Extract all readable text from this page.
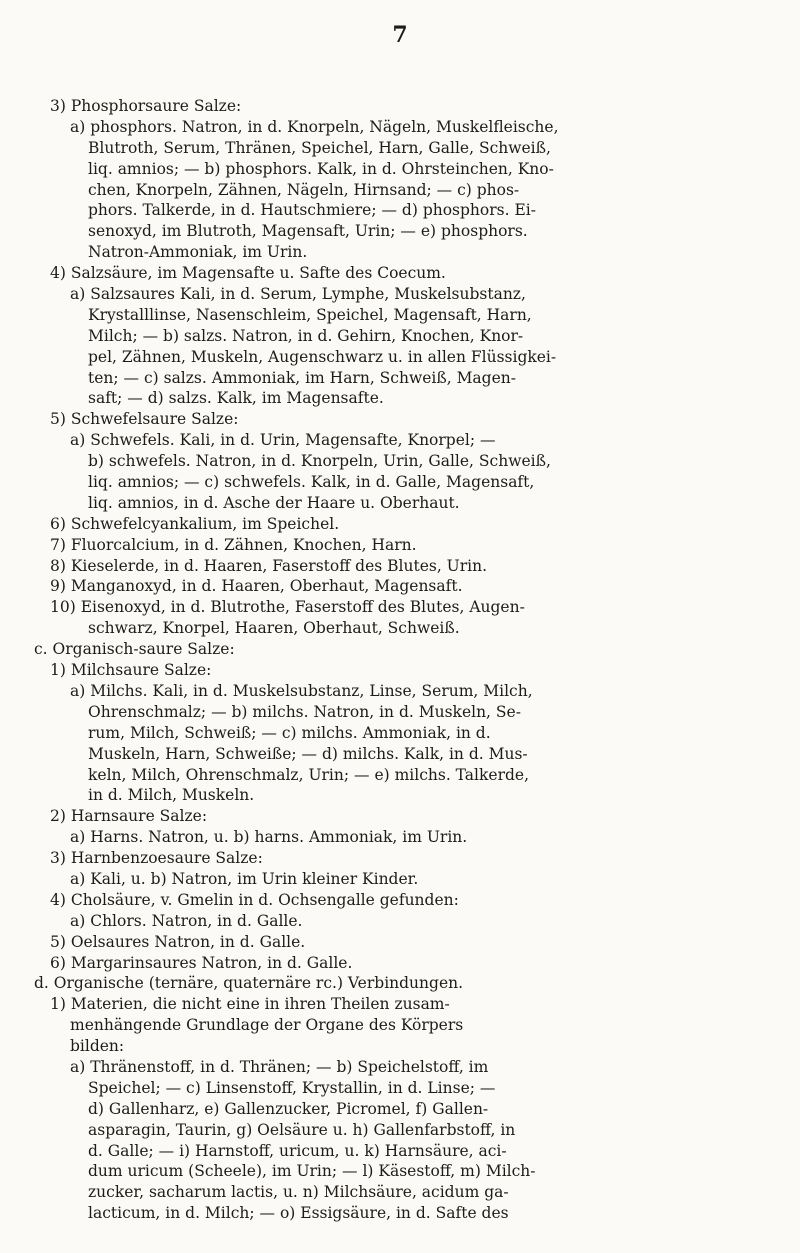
7
3) Phosphorsaure Salze:
a) phosphors. Natron, in d. Knorpeln, Nägeln, Muskelfleische,
Blutroth, Serum, Thränen, Speichel, Harn, Galle, Schweiß,
liq. amnios; — b) phosphors. Kalk, in d. Ohrsteinchen, Kno-
chen, Knorpeln, Zähnen, Nägeln, Hirnsand; — c) phos-
phors. Talkerde, in d. Hautschmiere; — d) phosphors. Ei-
senoxyd, im Blutroth, Magensaft, Urin; — e) phosphors.
Natron-Ammoniak, im Urin.
4) Salzsäure, im Magensafte u. Safte des Coecum.
a) Salzsaures Kali, in d. Serum, Lymphe, Muskelsubstanz,
Krystalllinse, Nasenschleim, Speichel, Magensaft, Harn,
Milch; — b) salzs. Natron, in d. Gehirn, Knochen, Knor-
pel, Zähnen, Muskeln, Augenschwarz u. in allen Flüssigkei-
ten; — c) salzs. Ammoniak, im Harn, Schweiß, Magen-
saft; — d) salzs. Kalk, im Magensafte.
5) Schwefelsaure Salze:
a) Schwefels. Kali, in d. Urin, Magensafte, Knorpel; —
b) schwefels. Natron, in d. Knorpeln, Urin, Galle, Schweiß,
liq. amnios; — c) schwefels. Kalk, in d. Galle, Magensaft,
liq. amnios, in d. Asche der Haare u. Oberhaut.
6) Schwefelcyankalium, im Speichel.
7) Fluorcalcium, in d. Zähnen, Knochen, Harn.
8) Kieselerde, in d. Haaren, Faserstoff des Blutes, Urin.
9) Manganoxyd, in d. Haaren, Oberhaut, Magensaft.
10) Eisenoxyd, in d. Blutrothe, Faserstoff des Blutes, Augen-
schwarz, Knorpel, Haaren, Oberhaut, Schweiß.
c. Organisch-saure Salze:
1) Milchsaure Salze:
a) Milchs. Kali, in d. Muskelsubstanz, Linse, Serum, Milch,
Ohrenschmalz; — b) milchs. Natron, in d. Muskeln, Se-
rum, Milch, Schweiß; — c) milchs. Ammoniak, in d.
Muskeln, Harn, Schweiße; — d) milchs. Kalk, in d. Mus-
keln, Milch, Ohrenschmalz, Urin; — e) milchs. Talkerde,
in d. Milch, Muskeln.
2) Harnsaure Salze:
a) Harns. Natron, u. b) harns. Ammoniak, im Urin.
3) Harnbenzoesaure Salze:
a) Kali, u. b) Natron, im Urin kleiner Kinder.
4) Cholsäure, v. Gmelin in d. Ochsengalle gefunden:
a) Chlors. Natron, in d. Galle.
5) Oelsaures Natron, in d. Galle.
6) Margarinsaures Natron, in d. Galle.
d. Organische (ternäre, quaternäre rc.) Verbindungen.
1) Materien, die nicht eine in ihren Theilen zusam-
menhängende Grundlage der Organe des Körpers
bilden:
a) Thränenstoff, in d. Thränen; — b) Speichelstoff, im
Speichel; — c) Linsenstoff, Krystallin, in d. Linse; —
d) Gallenharz, e) Gallenzucker, Picromel, f) Gallen-
asparagin, Taurin, g) Oelsäure u. h) Gallenfarbstoff, in
d. Galle; — i) Harnstoff, uricum, u. k) Harnsäure, aci-
dum uricum (Scheele), im Urin; — l) Käsestoff, m) Milch-
zucker, sacharum lactis, u. n) Milchsäure, acidum ga-
lacticum, in d. Milch; — o) Essigsäure, in d. Safte des
